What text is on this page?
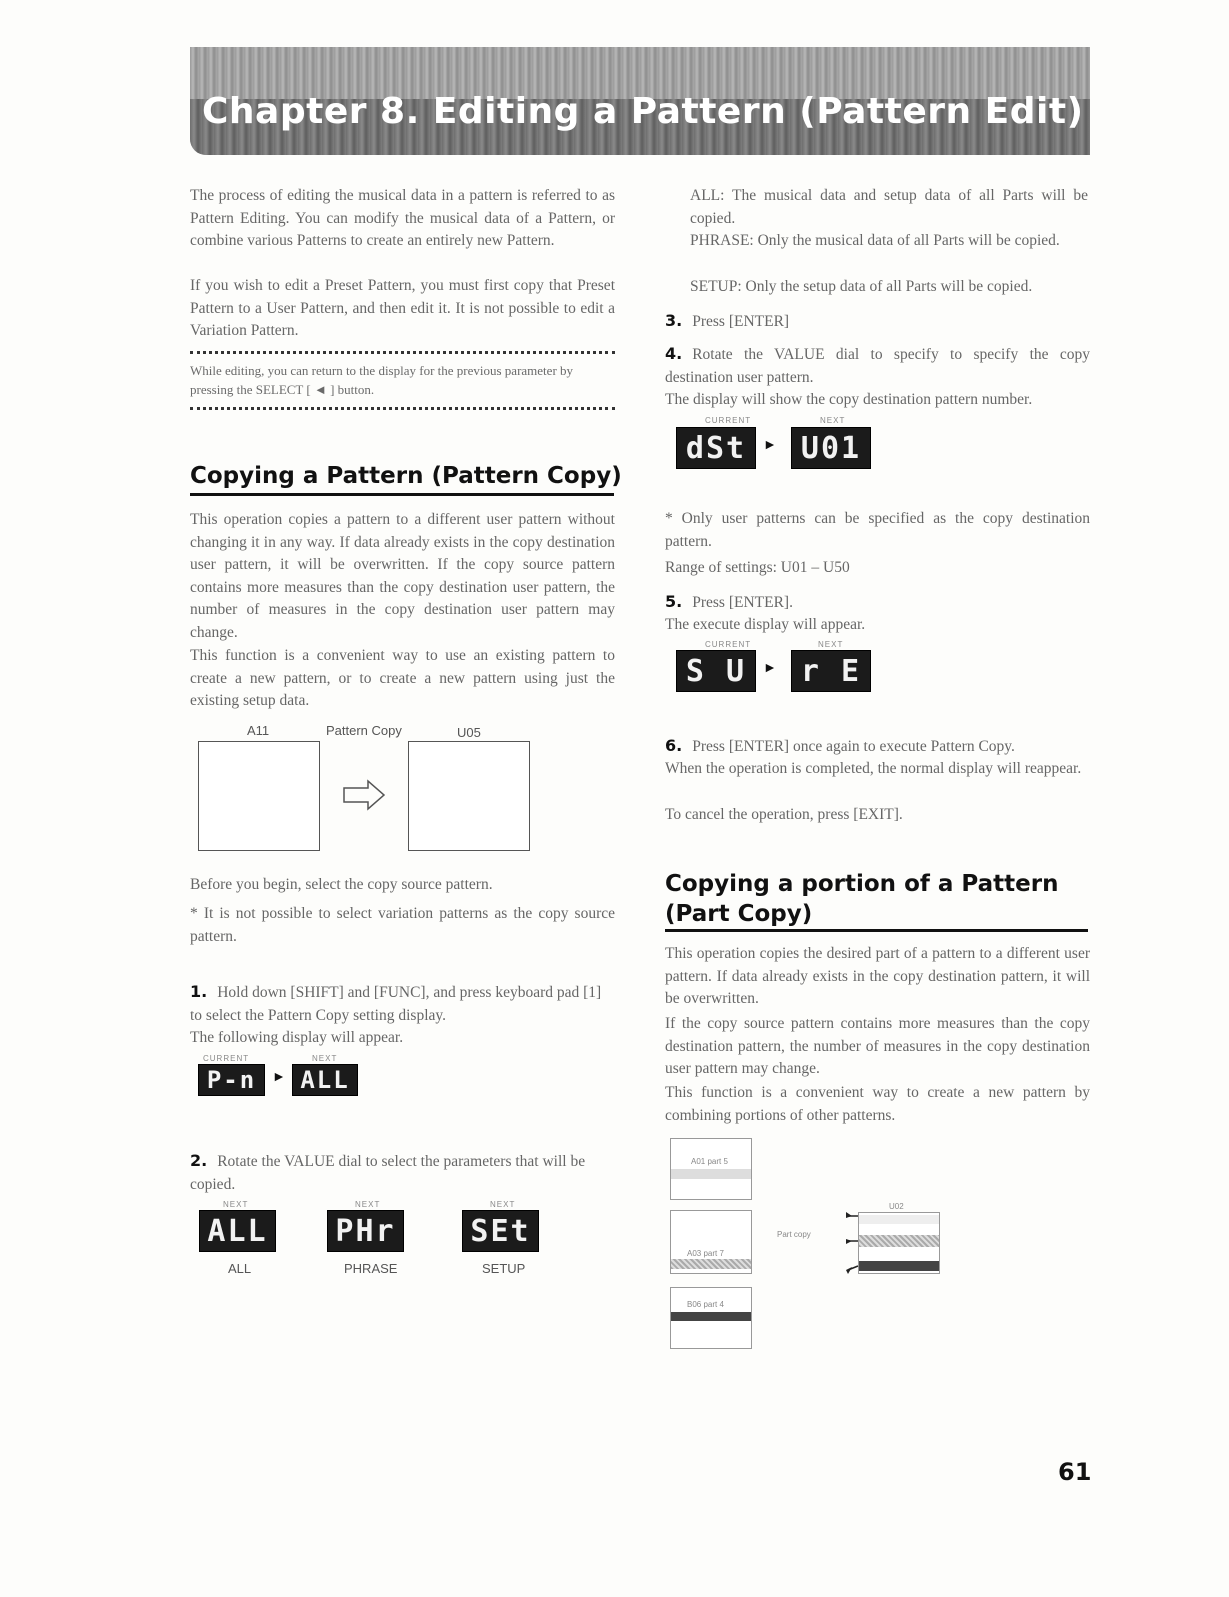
Chapter 8. Editing a Pattern (Pattern Edit)

The process of editing the musical data in a pattern is referred to as Pattern Editing. You can modify the musical data of a Pattern, or combine various Patterns to create an entirely new Pattern.

If you wish to edit a Preset Pattern, you must first copy that Preset Pattern to a User Pattern, and then edit it. It is not possible to edit a Variation Pattern.

While editing, you can return to the display for the previous parameter by pressing the SELECT [ ◄ ] button.

Copying a Pattern (Pattern Copy)

This operation copies a pattern to a different user pattern without changing it in any way. If data already exists in the copy destination user pattern, it will be overwritten. If the copy source pattern contains more measures than the copy destination user pattern, the number of measures in the copy destination user pattern may change.

This function is a convenient way to use an existing pattern to create a new pattern, or to create a new pattern using just the existing setup data.

A11	Pattern Copy	U05

Before you begin, select the copy source pattern.

* It is not possible to select variation patterns as the copy source pattern.

1. Hold down [SHIFT] and [FUNC], and press keyboard pad [1] to select the Pattern Copy setting display.

The following display will appear.

CURRENT	NEXT
P-n	► ALL

2. Rotate the VALUE dial to select the parameters that will be copied.

NEXT
ALL
ALL
NEXT
PHr
PHRASE
NEXT
SEt
SETUP

ALL: The musical data and setup data of all Parts will be copied.

PHRASE: Only the musical data of all Parts will be copied.

SETUP: Only the setup data of all Parts will be copied.

3. Press [ENTER]

4. Rotate the VALUE dial to specify to specify the copy destination user pattern.

The display will show the copy destination pattern number.

CURRENT	NEXT
dSt	► U01

* Only user patterns can be specified as the copy destination pattern.

Range of settings: U01 – U50

5. Press [ENTER].

The execute display will appear.

CURRENT	NEXT
S U	► r E

6. Press [ENTER] once again to execute Pattern Copy.

When the operation is completed, the normal display will reappear.

To cancel the operation, press [EXIT].

Copying a portion of a Pattern
(Part Copy)

This operation copies the desired part of a pattern to a different user pattern. If data already exists in the copy destination pattern, it will be overwritten.

If the copy source pattern contains more measures than the copy destination pattern, the number of measures in the copy destination user pattern may change.

This function is a convenient way to create a new pattern by combining portions of other patterns.

A01 part 5
A03 part 7
B06 part 4
Part copy
U02
61
